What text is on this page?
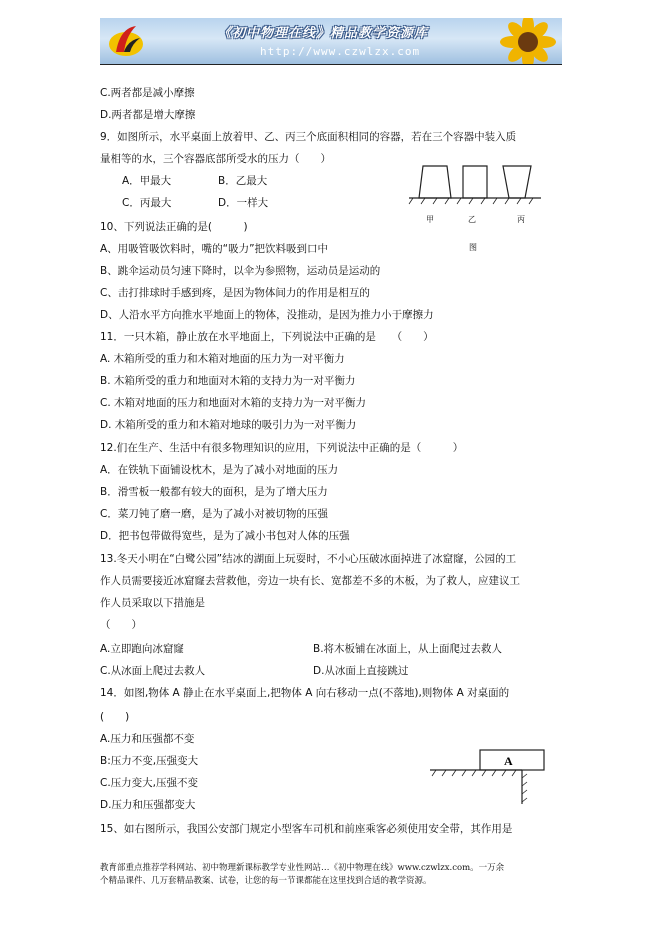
《初中物理在线》精品教学资源库
http://www.czwlzx.com
C.两者都是减小摩擦
D.两者都是增大摩擦
9．如图所示，水平桌面上放着甲、乙、丙三个底面积相同的容器，若在三个容器中装入质
量相等的水，三个容器底部所受水的压力（　　）
A．甲最大	B．乙最大
C．丙最大	D．一样大
甲	乙	丙
图
10、下列说法正确的是(　　　)
A、用吸管吸饮料时，嘴的“吸力”把饮料吸到口中
B、跳伞运动员匀速下降时，以伞为参照物，运动员是运动的
C、击打排球时手感到疼，是因为物体间力的作用是相互的
D、人沿水平方向推水平地面上的物体，没推动，是因为推力小于摩擦力
11．一只木箱，静止放在水平地面上，下列说法中正确的是　　（　　）
A. 木箱所受的重力和木箱对地面的压力为一对平衡力
B. 木箱所受的重力和地面对木箱的支持力为一对平衡力
C. 木箱对地面的压力和地面对木箱的支持力为一对平衡力
D. 木箱所受的重力和木箱对地球的吸引力为一对平衡力
12.们在生产、生活中有很多物理知识的应用，下列说法中正确的是（　　　）
A．在铁轨下面铺设枕木，是为了减小对地面的压力
B．滑雪板一般都有较大的面积，是为了增大压力
C．菜刀钝了磨一磨，是为了减小对被切物的压强
D．把书包带做得宽些，是为了减小书包对人体的压强
13.冬天小明在“白鹭公园”结冰的湖面上玩耍时，不小心压破冰面掉进了冰窟窿，公园的工
作人员需要接近冰窟窿去营救他，旁边一块有长、宽都差不多的木板，为了救人，应建议工
作人员采取以下措施是
（　　）
A.立即跑向冰窟窿	B.将木板铺在冰面上，从上面爬过去救人
C.从冰面上爬过去救人	D.从冰面上直接跳过
14．如图,物体 A 静止在水平桌面上,把物体 A 向右移动一点(不落地),则物体 A 对桌面的
(　　)
A.压力和压强都不变
B:压力不变,压强变大
C.压力变大,压强不变
D.压力和压强都变大
A
15、如右图所示，我国公安部门规定小型客车司机和前座乘客必须使用安全带，其作用是
教育部重点推荐学科网站、初中物理新课标教学专业性网站…《初中物理在线》www.czwlzx.com。一万余
个精品课件、几万套精品教案、试卷，让您的每一节课都能在这里找到合适的教学资源。
